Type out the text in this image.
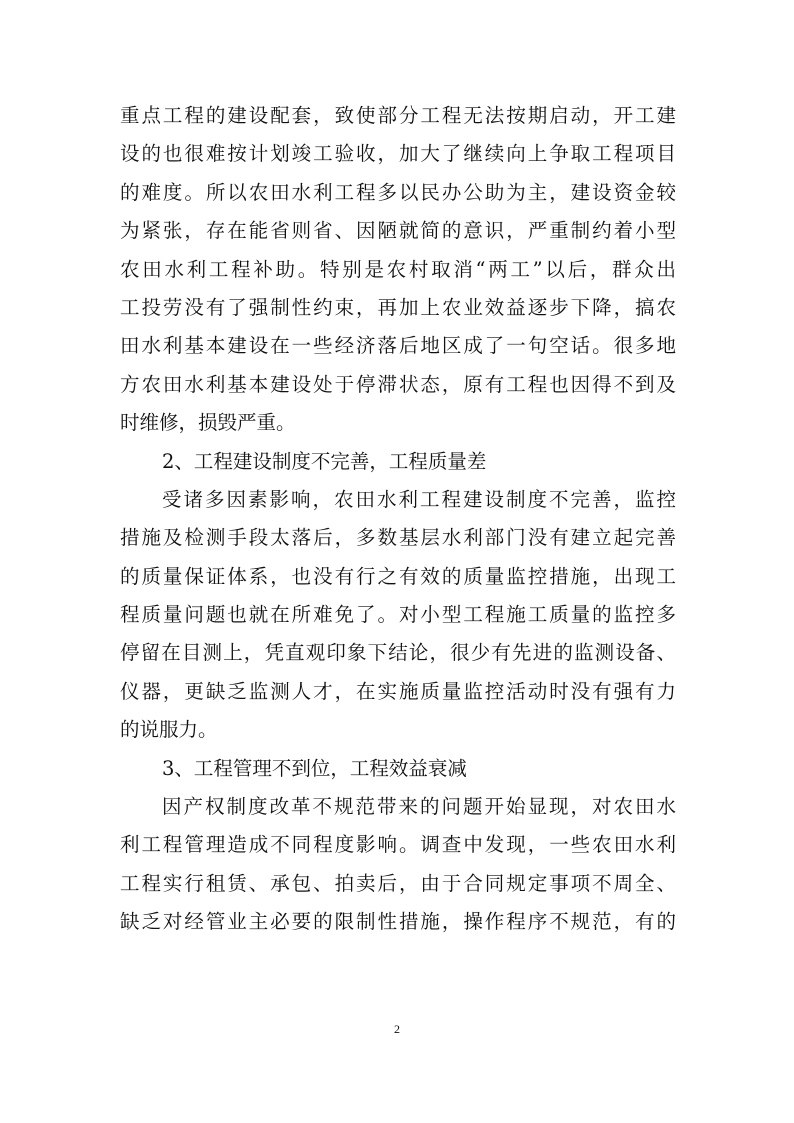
重点工程的建设配套，致使部分工程无法按期启动，开工建
设的也很难按计划竣工验收，加大了继续向上争取工程项目
的难度。所以农田水利工程多以民办公助为主，建设资金较
为紧张，存在能省则省、因陋就简的意识，严重制约着小型
农田水利工程补助。特别是农村取消“两工”以后，群众出
工投劳没有了强制性约束，再加上农业效益逐步下降，搞农
田水利基本建设在一些经济落后地区成了一句空话。很多地
方农田水利基本建设处于停滞状态，原有工程也因得不到及
时维修，损毁严重。
2、工程建设制度不完善，工程质量差
受诸多因素影响，农田水利工程建设制度不完善，监控
措施及检测手段太落后，多数基层水利部门没有建立起完善
的质量保证体系，也没有行之有效的质量监控措施，出现工
程质量问题也就在所难免了。对小型工程施工质量的监控多
停留在目测上，凭直观印象下结论，很少有先进的监测设备、
仪器，更缺乏监测人才，在实施质量监控活动时没有强有力
的说服力。
3、工程管理不到位，工程效益衰减
因产权制度改革不规范带来的问题开始显现，对农田水
利工程管理造成不同程度影响。调查中发现，一些农田水利
工程实行租赁、承包、拍卖后，由于合同规定事项不周全、
缺乏对经管业主必要的限制性措施，操作程序不规范，有的
2
